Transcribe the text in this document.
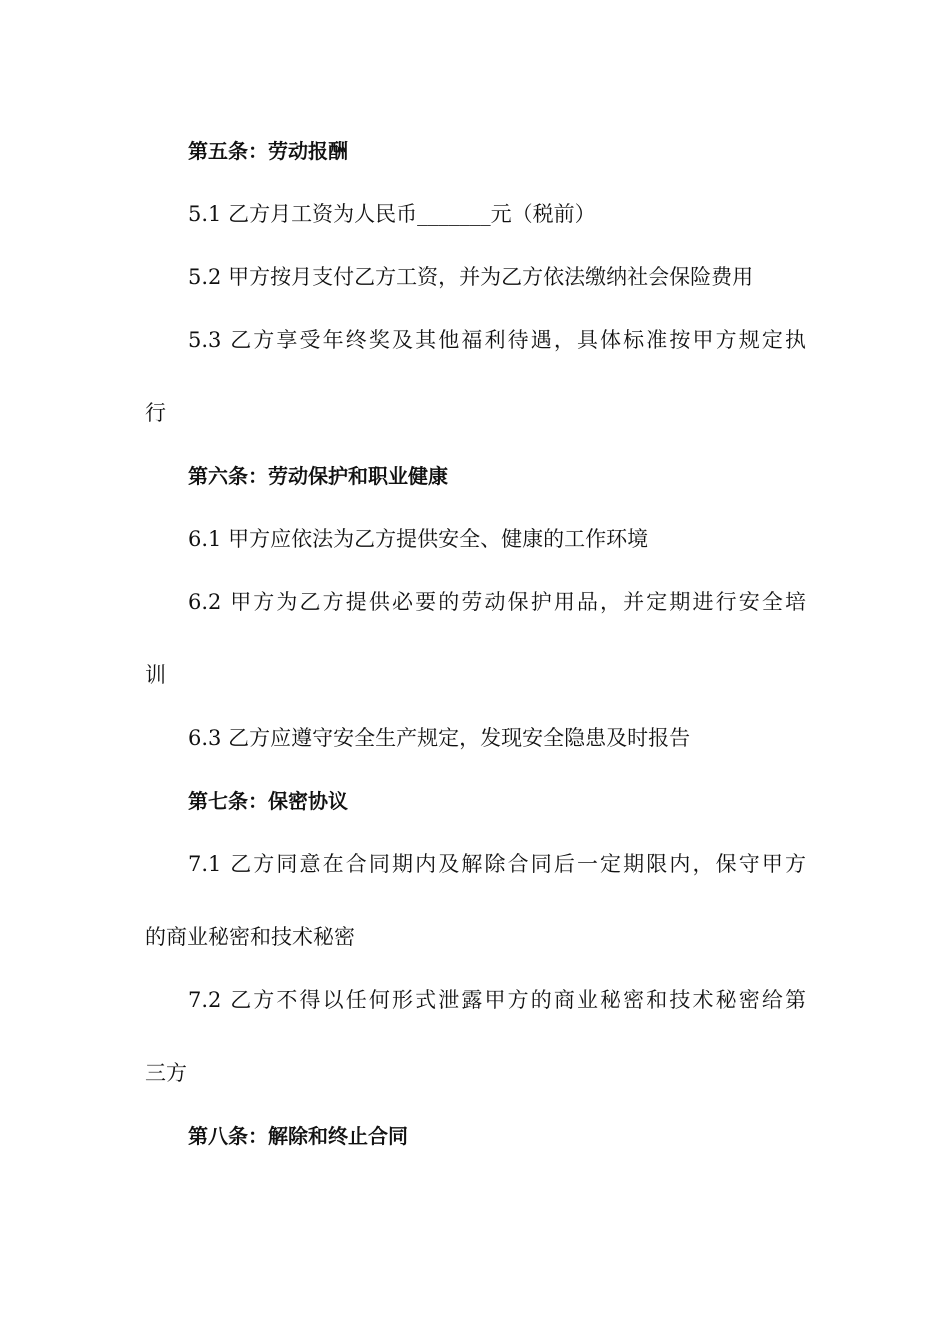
第五条：劳动报酬
5.1 乙方月工资为人民币_______元（税前）
5.2 甲方按月支付乙方工资，并为乙方依法缴纳社会保险费用
5.3 乙方享受年终奖及其他福利待遇，具体标准按甲方规定执
行
第六条：劳动保护和职业健康
6.1 甲方应依法为乙方提供安全、健康的工作环境
6.2 甲方为乙方提供必要的劳动保护用品，并定期进行安全培
训
6.3 乙方应遵守安全生产规定，发现安全隐患及时报告
第七条：保密协议
7.1 乙方同意在合同期内及解除合同后一定期限内，保守甲方
的商业秘密和技术秘密
7.2 乙方不得以任何形式泄露甲方的商业秘密和技术秘密给第
三方
第八条：解除和终止合同
